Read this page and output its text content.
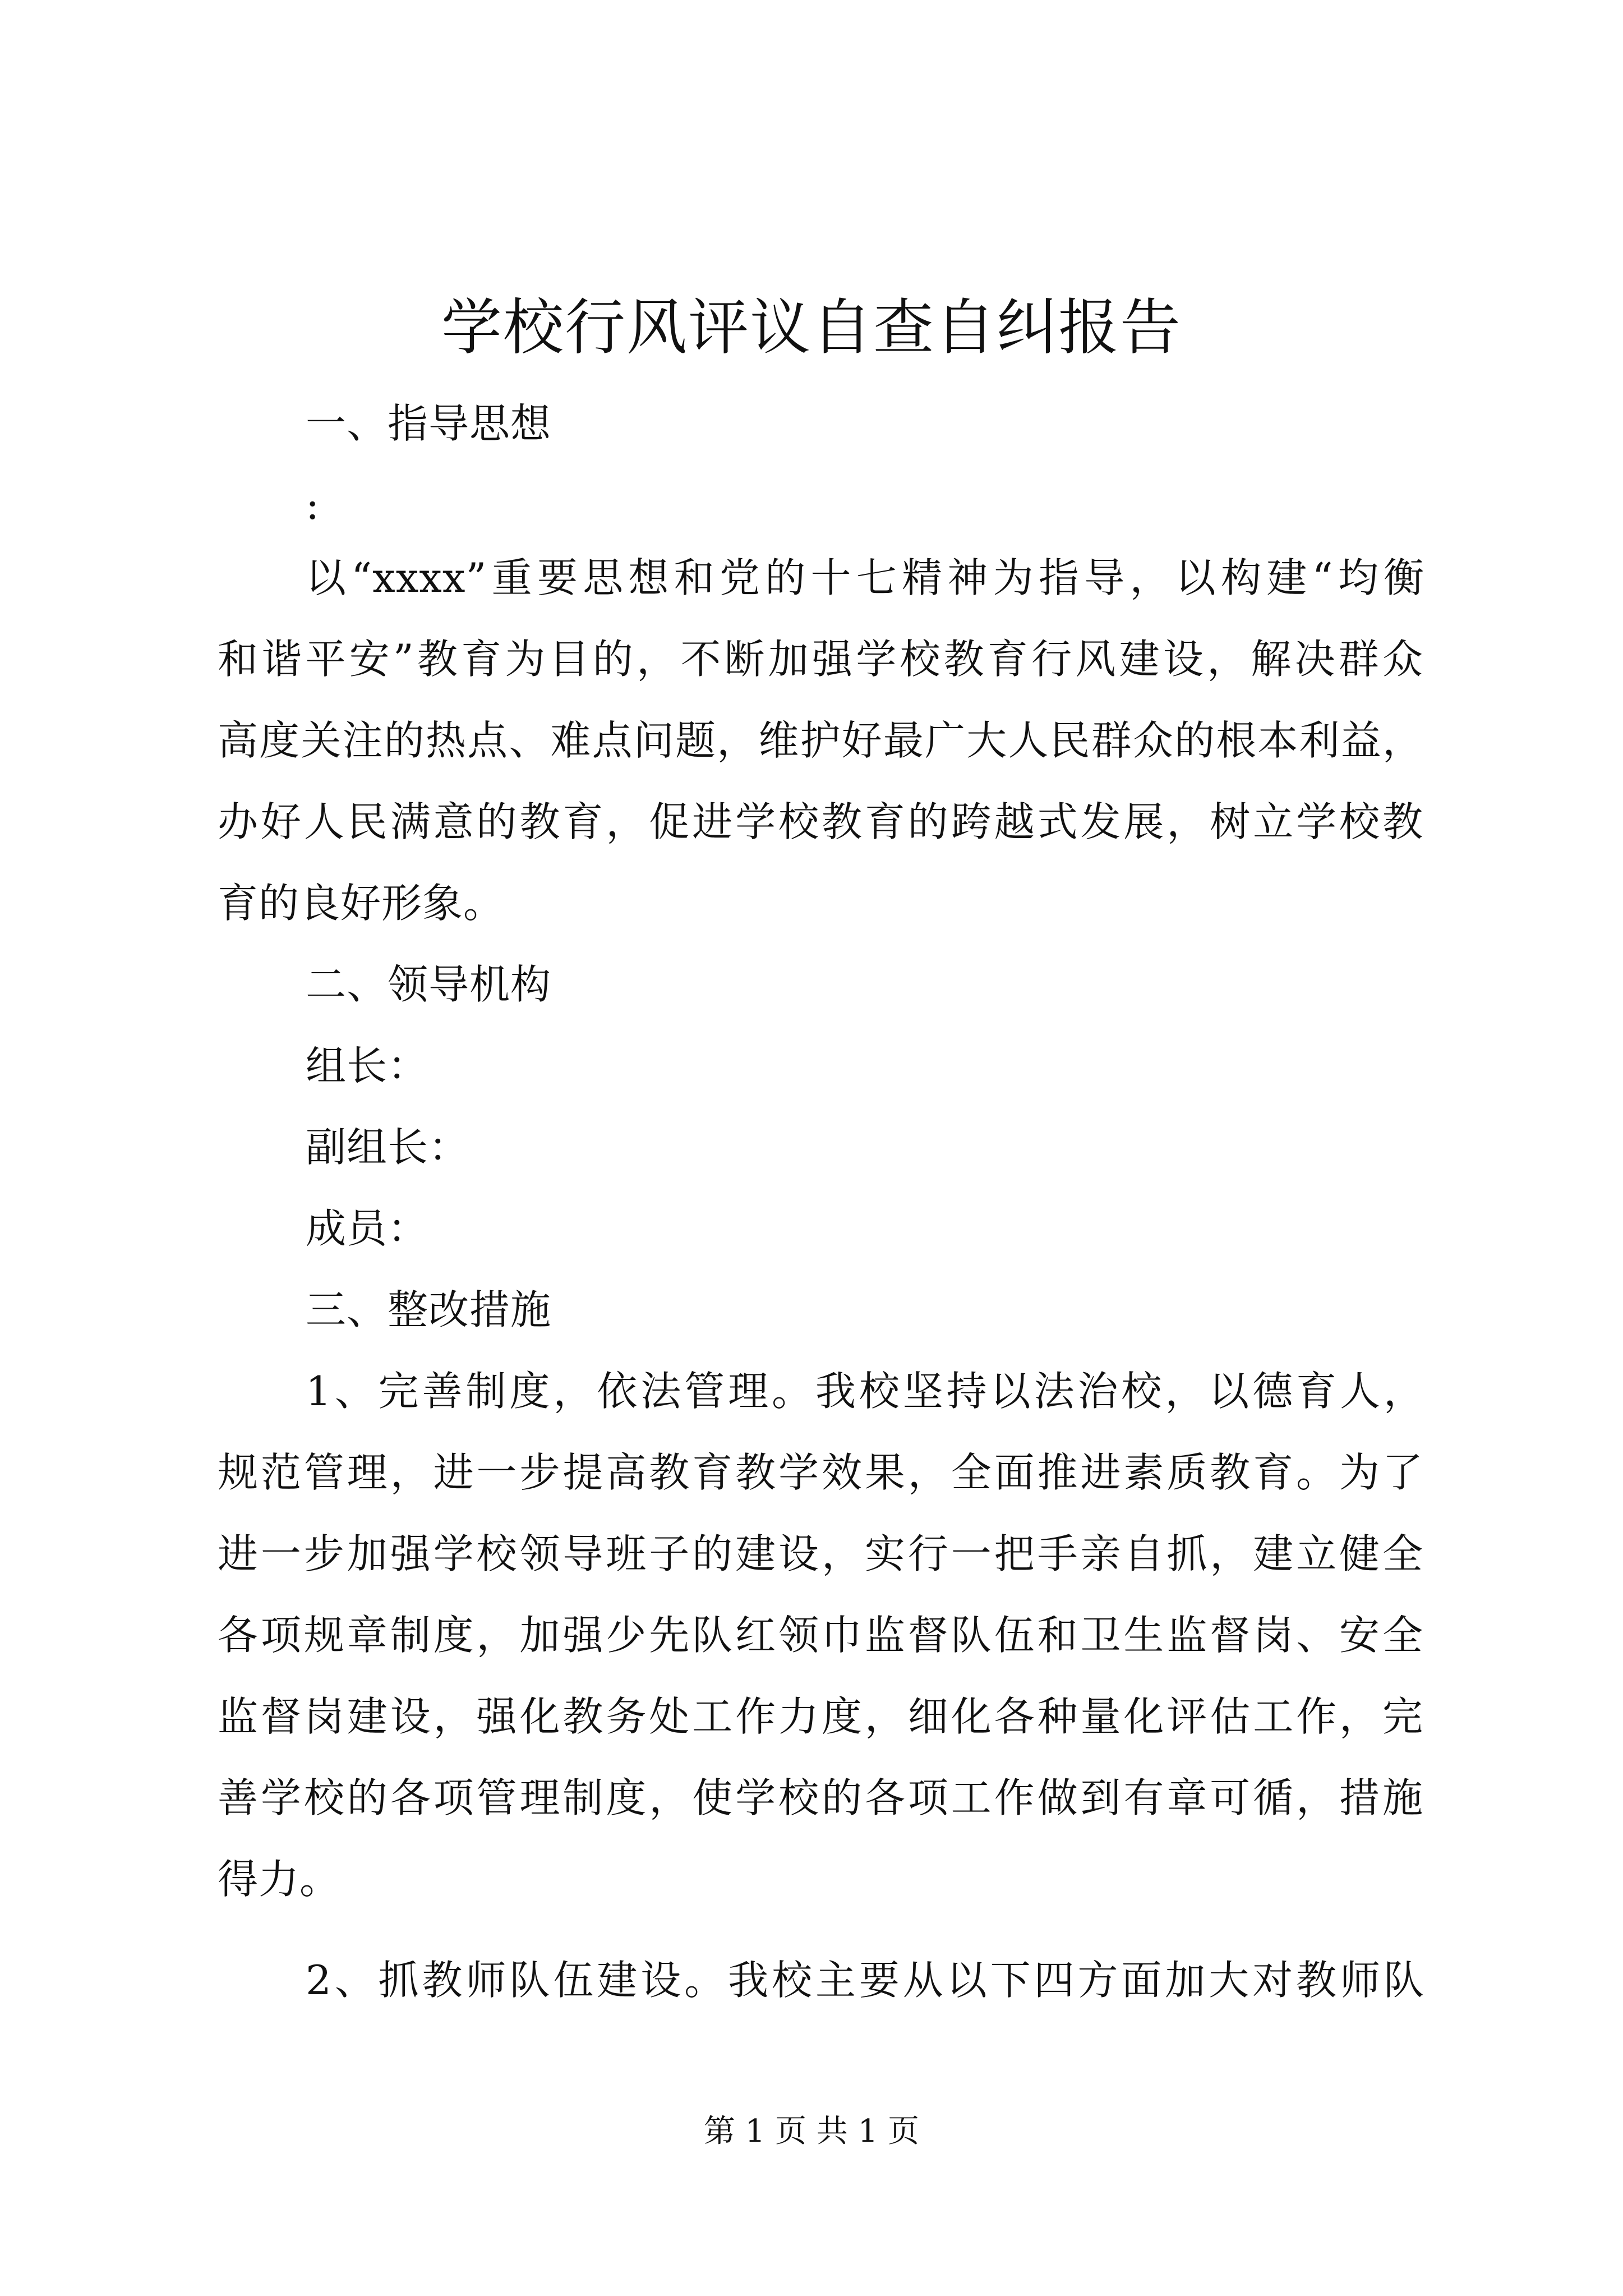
学校行风评议自查自纠报告
一、指导思想
:
以“xxxx”重要思想和党的十七精神为指导，以构建“均衡
和谐平安”教育为目的，不断加强学校教育行风建设，解决群众
高度关注的热点、难点问题，维护好最广大人民群众的根本利益，
办好人民满意的教育，促进学校教育的跨越式发展，树立学校教
育的良好形象。
二、领导机构
组长：
副组长：
成员：
三、整改措施
1、完善制度，依法管理。我校坚持以法治校，以德育人，
规范管理，进一步提高教育教学效果，全面推进素质教育。为了
进一步加强学校领导班子的建设，实行一把手亲自抓，建立健全
各项规章制度，加强少先队红领巾监督队伍和卫生监督岗、安全
监督岗建设，强化教务处工作力度，细化各种量化评估工作，完
善学校的各项管理制度，使学校的各项工作做到有章可循，措施
得力。
2、抓教师队伍建设。我校主要从以下四方面加大对教师队
第 1 页 共 1 页
